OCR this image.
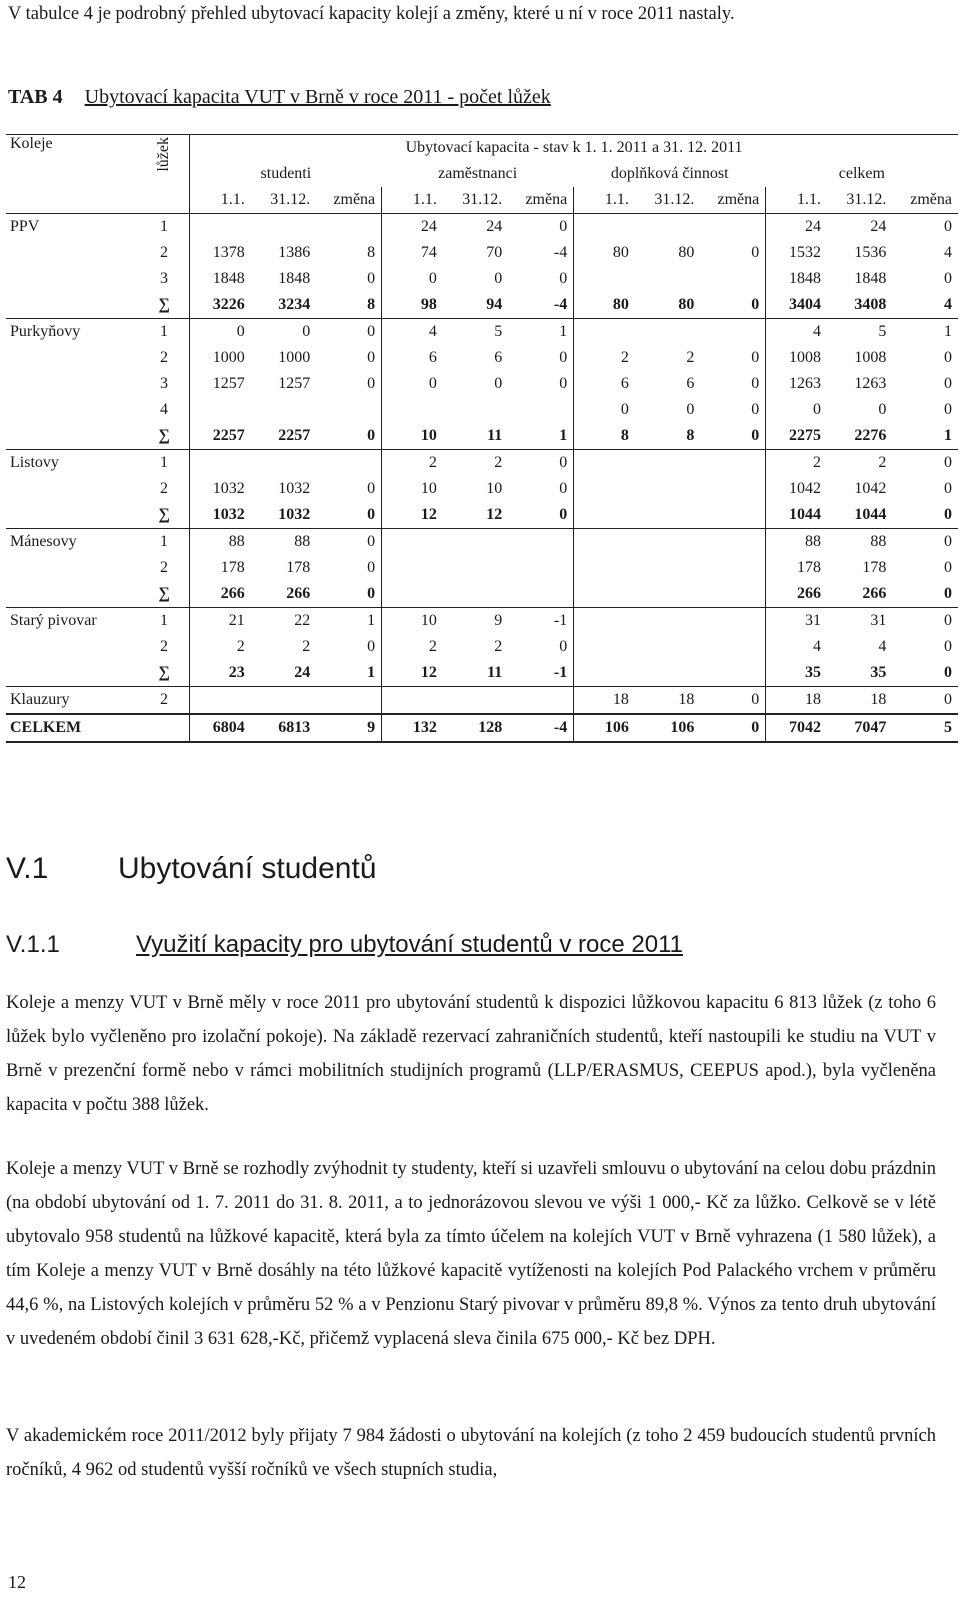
V tabulce 4 je podrobný přehled ubytovací kapacity kolejí a změny, které u ní v roce 2011 nastaly.
TAB 4 Ubytovací kapacita VUT v Brně v roce 2011 - počet lůžek
Koleje	lůžek	Ubytovací kapacita - stav k 1. 1. 2011 a 31. 12. 2011											
		studenti			zaměstnanci			doplňková činnost			celkem		
		1.1.	31.12.	změna	1.1.	31.12.	změna	1.1.	31.12.	změna	1.1.	31.12.	změna
PPV	1				24	24	0				24	24	0
	2	1378	1386	8	74	70	-4	80	80	0	1532	1536	4
	3	1848	1848	0	0	0	0				1848	1848	0
	∑	3226	3234	8	98	94	-4	80	80	0	3404	3408	4
Purkyňovy	1	0	0	0	4	5	1				4	5	1
	2	1000	1000	0	6	6	0	2	2	0	1008	1008	0
	3	1257	1257	0	0	0	0	6	6	0	1263	1263	0
	4							0	0	0	0	0	0
	∑	2257	2257	0	10	11	1	8	8	0	2275	2276	1
Listovy	1				2	2	0				2	2	0
	2	1032	1032	0	10	10	0				1042	1042	0
	∑	1032	1032	0	12	12	0				1044	1044	0
Mánesovy	1	88	88	0							88	88	0
	2	178	178	0							178	178	0
	∑	266	266	0							266	266	0
Starý pivovar	1	21	22	1	10	9	-1				31	31	0
	2	2	2	0	2	2	0				4	4	0
	∑	23	24	1	12	11	-1				35	35	0
Klauzury	2							18	18	0	18	18	0
CELKEM		6804	6813	9	132	128	-4	106	106	0	7042	7047	5
V.1 Ubytování studentů
V.1.1	Využití kapacity pro ubytování studentů v roce 2011

Koleje a menzy VUT v Brně měly v roce 2011 pro ubytování studentů k dispozici lůžkovou kapacitu 6 813 lůžek (z toho 6 lůžek bylo vyčleněno pro izolační pokoje). Na základě rezervací zahraničních studentů, kteří nastoupili ke studiu na VUT v Brně v prezenční formě nebo v rámci mobilitních studijních programů (LLP/ERASMUS, CEEPUS apod.), byla vyčleněna kapacita v počtu 388 lůžek.

Koleje a menzy VUT v Brně se rozhodly zvýhodnit ty studenty, kteří si uzavřeli smlouvu o ubytování na celou dobu prázdnin (na období ubytování od 1. 7. 2011 do 31. 8. 2011, a to jednorázovou slevou ve výši 1 000,- Kč za lůžko. Celkově se v létě ubytovalo 958 studentů na lůžkové kapacitě, která byla za tímto účelem na kolejích VUT v Brně vyhrazena (1 580 lůžek), a tím Koleje a menzy VUT v Brně dosáhly na této lůžkové kapacitě vytíženosti na kolejích Pod Palackého vrchem v průměru 44,6 %, na Listových kolejích v průměru 52 % a v Penzionu Starý pivovar v průměru 89,8 %. Výnos za tento druh ubytování v uvedeném období činil 3 631 628,-Kč, přičemž vyplacená sleva činila 675 000,- Kč bez DPH.

V akademickém roce 2011/2012 byly přijaty 7 984 žádosti o ubytování na kolejích (z toho 2 459 budoucích studentů prvních ročníků, 4 962 od studentů vyšší ročníků ve všech stupních studia,

12
